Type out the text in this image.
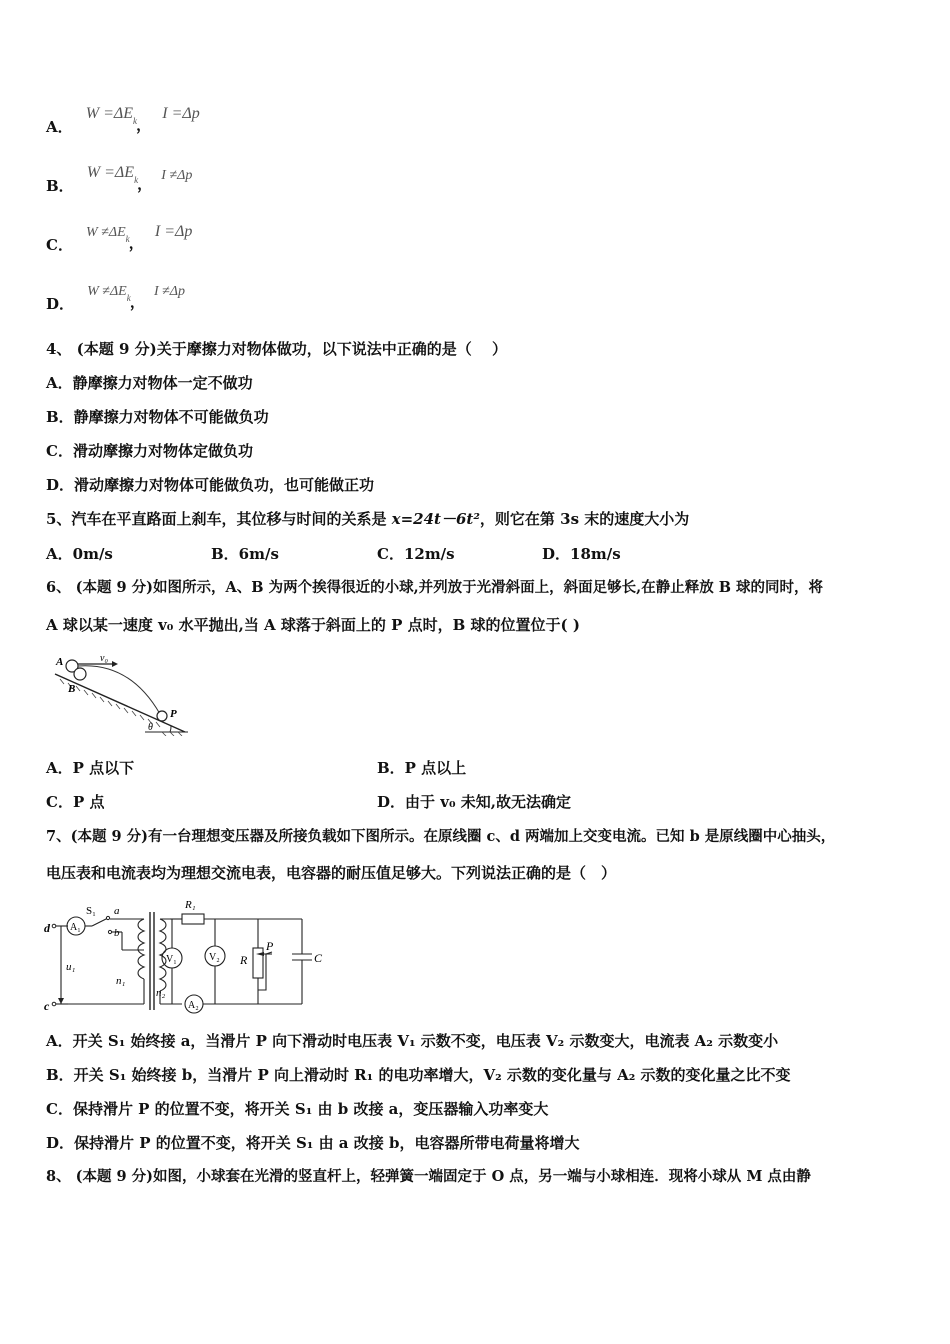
A． $W =\Delta E_k$ ， I =Δp
B． $W =\Delta E_k$ ， I ≠Δp
C． $W \ne\Delta E_k$ ， I =Δp
D． $W \ne\Delta E_k$ ， I ≠Δp
4、 (本题 9 分)关于摩擦力对物体做功，以下说法中正确的是（　 ）
A．静摩擦力对物体一定不做功
B．静摩擦力对物体不可能做负功
C．滑动摩擦力对物体定做负功
D．滑动摩擦力对物体可能做负功，也可能做正功
5、汽车在平直路面上刹车，其位移与时间的关系是 x=24t－6t²，则它在第 3s 末的速度大小为
A．0m/s	B．6m/s	C．12m/s	D．18m/s
6、 (本题 9 分)如图所示，A、B 为两个挨得很近的小球,并列放于光滑斜面上，斜面足够长,在静止释放 B 球的同时，将
A 球以某一速度 v₀ 水平抛出,当 A 球落于斜面上的 P 点时，B 球的位置位于( )
A
B
v₀
P
θ
A．P 点以下	B．P 点以上
C．P 点	D．由于 v₀ 未知,故无法确定
7、(本题 9 分)有一台理想变压器及所接负载如下图所示。在原线圈 c、d 两端加上交变电流。已知 b 是原线圈中心抽头，
电压表和电流表均为理想交流电表，电容器的耐压值足够大。下列说法正确的是（　）
d
c
A₁
S₁ a
b
u₁
n₁
n₂
R₁
V₁	V₂ R
P
C
A₂
A．开关 S₁ 始终接 a，当滑片 P 向下滑动时电压表 V₁ 示数不变，电压表 V₂ 示数变大，电流表 A₂ 示数变小
B．开关 S₁ 始终接 b，当滑片 P 向上滑动时 R₁ 的电功率增大，V₂ 示数的变化量与 A₂ 示数的变化量之比不变
C．保持滑片 P 的位置不变，将开关 S₁ 由 b 改接 a，变压器输入功率变大
D．保持滑片 P 的位置不变，将开关 S₁ 由 a 改接 b，电容器所带电荷量将增大
8、 (本题 9 分)如图，小球套在光滑的竖直杆上，轻弹簧一端固定于 O 点，另一端与小球相连．现将小球从 M 点由静
